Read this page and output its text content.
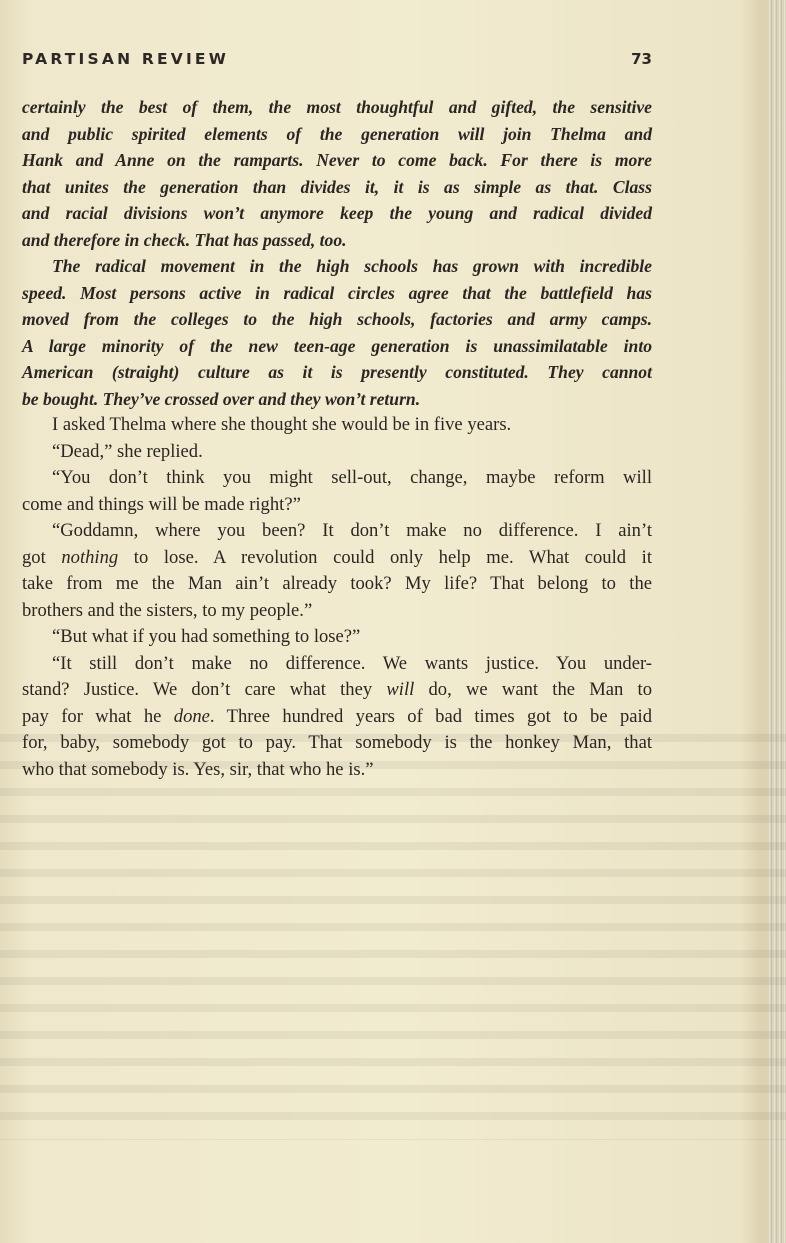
PARTISAN REVIEW	73
certainly the best of them, the most thoughtful and gifted, the sensitive
and public spirited elements of the generation will join Thelma and
Hank and Anne on the ramparts. Never to come back. For there is more
that unites the generation than divides it, it is as simple as that. Class
and racial divisions won’t anymore keep the young and radical divided
and therefore in check. That has passed, too.
The radical movement in the high schools has grown with incredible
speed. Most persons active in radical circles agree that the battlefield has
moved from the colleges to the high schools, factories and army camps.
A large minority of the new teen-age generation is unassimilatable into
American (straight) culture as it is presently constituted. They cannot
be bought. They’ve crossed over and they won’t return.
I asked Thelma where she thought she would be in five years.
“Dead,” she replied.
“You don’t think you might sell-out, change, maybe reform will
come and things will be made right?”
“Goddamn, where you been? It don’t make no difference. I ain’t
got nothing to lose. A revolution could only help me. What could it
take from me the Man ain’t already took? My life? That belong to the
brothers and the sisters, to my people.”
“But what if you had something to lose?”
“It still don’t make no difference. We wants justice. You under-
stand? Justice. We don’t care what they will do, we want the Man to
pay for what he done. Three hundred years of bad times got to be paid
for, baby, somebody got to pay. That somebody is the honkey Man, that
who that somebody is. Yes, sir, that who he is.”
